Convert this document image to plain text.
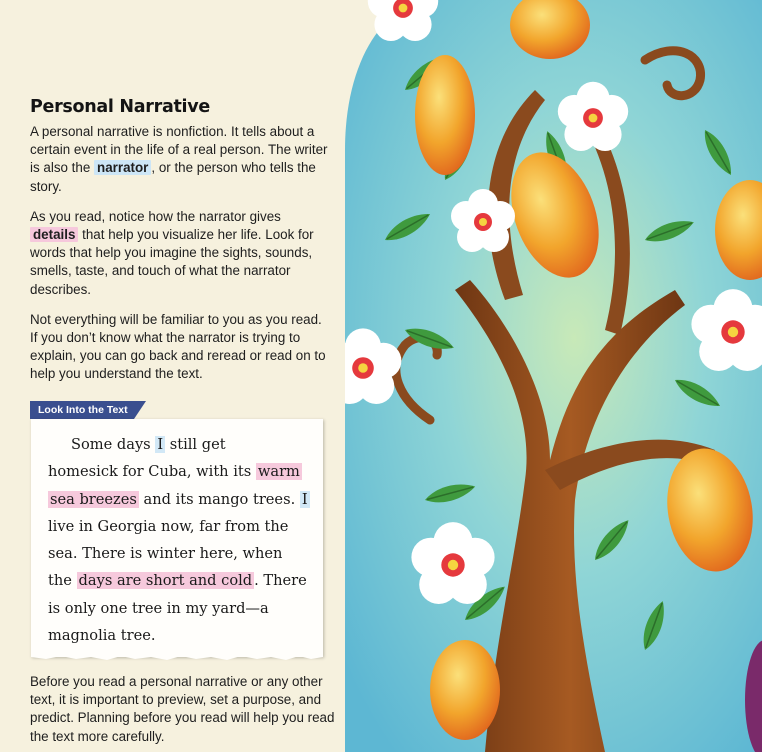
Personal Narrative

A personal narrative is nonfiction. It tells about a certain event in the life of a real person. The writer is also the narrator , or the person who tells the story.

As you read, notice how the narrator gives details that help you visualize her life. Look for words that help you imagine the sights, sounds, smells, taste, and touch of what the narrator describes.

Not everything will be familiar to you as you read. If you don’t know what the narrator is trying to explain, you can go back and reread or read on to help you understand the text.

Look Into the Text
Some days I still get
homesick for Cuba, with its warm
sea breezes and its mango trees. I
live in Georgia now, far from the
sea. There is winter here, when
the days are short and cold . There
is only one tree in my yard—a
magnolia tree.

Before you read a personal narrative or any other text, it is important to preview, set a purpose, and predict. Planning before you read will help you read the text more carefully.
